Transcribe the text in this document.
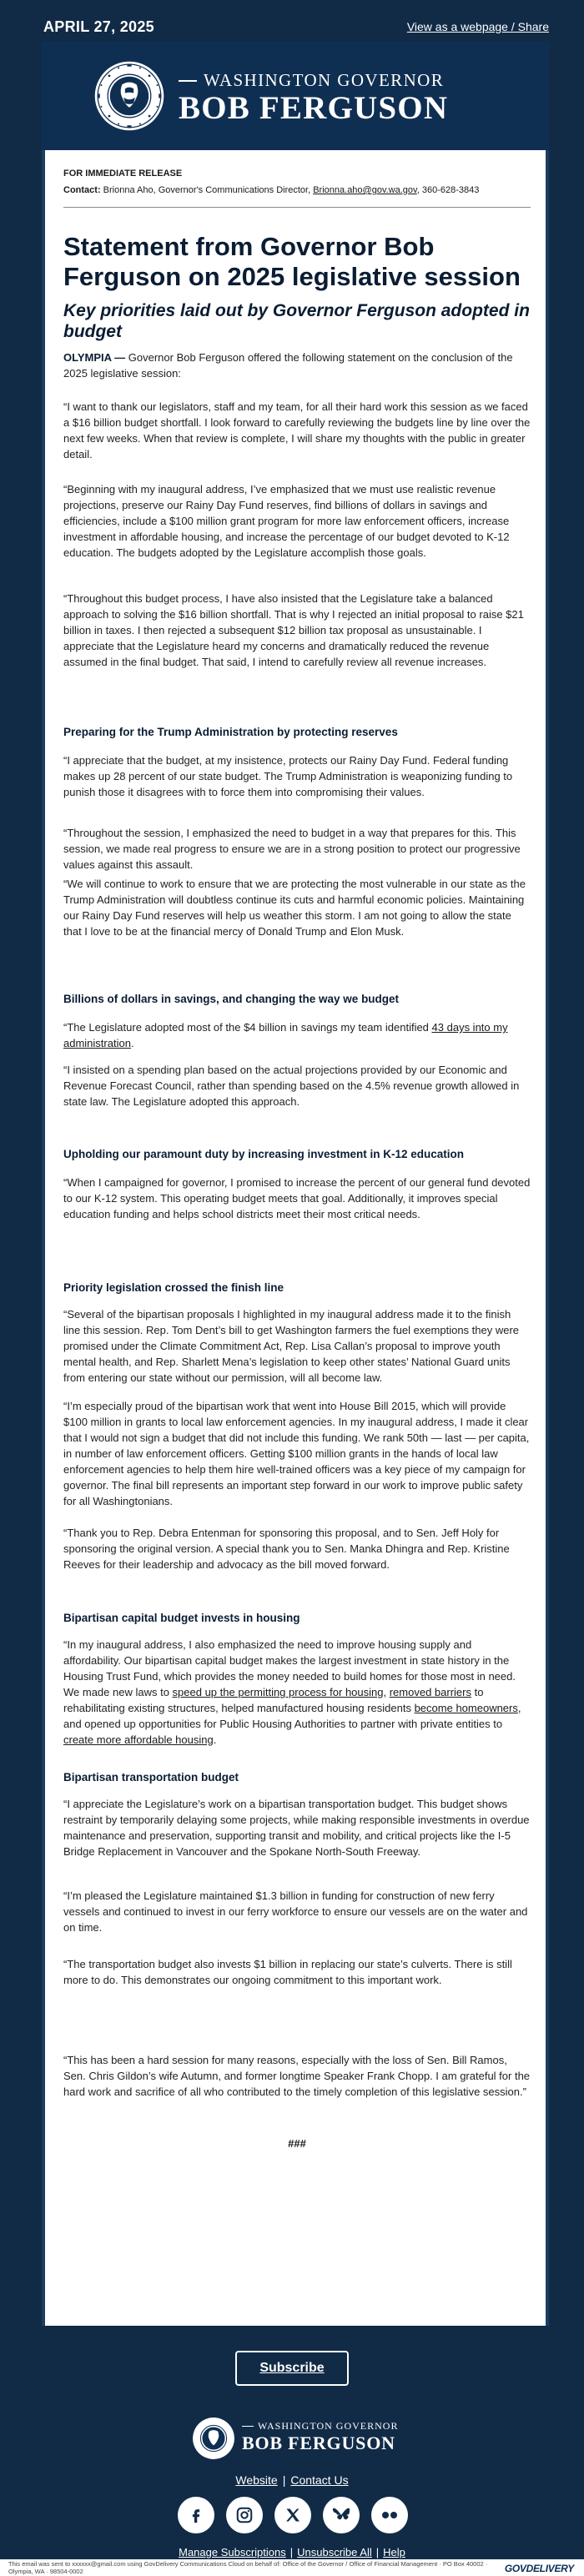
APRIL 27, 2025	View as a webpage / Share
WASHINGTON GOVERNOR
BOB FERGUSON
FOR IMMEDIATE RELEASE
Contact: Brionna Aho, Governor's Communications Director, Brionna.aho@gov.wa.gov, 360-628-3843
Statement from Governor Bob Ferguson on 2025 legislative session
Key priorities laid out by Governor Ferguson adopted in budget
OLYMPIA — Governor Bob Ferguson offered the following statement on the conclusion of the 2025 legislative session:
“I want to thank our legislators, staff and my team, for all their hard work this session as we faced a $16 billion budget shortfall. I look forward to carefully reviewing the budgets line by line over the next few weeks. When that review is complete, I will share my thoughts with the public in greater detail.
“Beginning with my inaugural address, I’ve emphasized that we must use realistic revenue projections, preserve our Rainy Day Fund reserves, find billions of dollars in savings and efficiencies, include a $100 million grant program for more law enforcement officers, increase investment in affordable housing, and increase the percentage of our budget devoted to K-12 education. The budgets adopted by the Legislature accomplish those goals.
“Throughout this budget process, I have also insisted that the Legislature take a balanced approach to solving the $16 billion shortfall. That is why I rejected an initial proposal to raise $21 billion in taxes. I then rejected a subsequent $12 billion tax proposal as unsustainable. I appreciate that the Legislature heard my concerns and dramatically reduced the revenue assumed in the final budget. That said, I intend to carefully review all revenue increases.
Preparing for the Trump Administration by protecting reserves
“I appreciate that the budget, at my insistence, protects our Rainy Day Fund. Federal funding makes up 28 percent of our state budget. The Trump Administration is weaponizing funding to punish those it disagrees with to force them into compromising their values.
“Throughout the session, I emphasized the need to budget in a way that prepares for this. This session, we made real progress to ensure we are in a strong position to protect our progressive values against this assault.
“We will continue to work to ensure that we are protecting the most vulnerable in our state as the Trump Administration will doubtless continue its cuts and harmful economic policies. Maintaining our Rainy Day Fund reserves will help us weather this storm. I am not going to allow the state that I love to be at the financial mercy of Donald Trump and Elon Musk.
Billions of dollars in savings, and changing the way we budget
“The Legislature adopted most of the $4 billion in savings my team identified 43 days into my administration.
“I insisted on a spending plan based on the actual projections provided by our Economic and Revenue Forecast Council, rather than spending based on the 4.5% revenue growth allowed in state law. The Legislature adopted this approach.
Upholding our paramount duty by increasing investment in K-12 education
“When I campaigned for governor, I promised to increase the percent of our general fund devoted to our K-12 system. This operating budget meets that goal. Additionally, it improves special education funding and helps school districts meet their most critical needs.
Priority legislation crossed the finish line
“Several of the bipartisan proposals I highlighted in my inaugural address made it to the finish line this session. Rep. Tom Dent’s bill to get Washington farmers the fuel exemptions they were promised under the Climate Commitment Act, Rep. Lisa Callan’s proposal to improve youth mental health, and Rep. Sharlett Mena’s legislation to keep other states’ National Guard units from entering our state without our permission, will all become law.
“I’m especially proud of the bipartisan work that went into House Bill 2015, which will provide $100 million in grants to local law enforcement agencies. In my inaugural address, I made it clear that I would not sign a budget that did not include this funding. We rank 50th — last — per capita, in number of law enforcement officers. Getting $100 million grants in the hands of local law enforcement agencies to help them hire well-trained officers was a key piece of my campaign for governor. The final bill represents an important step forward in our work to improve public safety for all Washingtonians.
“Thank you to Rep. Debra Entenman for sponsoring this proposal, and to Sen. Jeff Holy for sponsoring the original version. A special thank you to Sen. Manka Dhingra and Rep. Kristine Reeves for their leadership and advocacy as the bill moved forward.
Bipartisan capital budget invests in housing
“In my inaugural address, I also emphasized the need to improve housing supply and affordability. Our bipartisan capital budget makes the largest investment in state history in the Housing Trust Fund, which provides the money needed to build homes for those most in need. We made new laws to speed up the permitting process for housing, removed barriers to rehabilitating existing structures, helped manufactured housing residents become homeowners, and opened up opportunities for Public Housing Authorities to partner with private entities to create more affordable housing.
Bipartisan transportation budget
“I appreciate the Legislature’s work on a bipartisan transportation budget. This budget shows restraint by temporarily delaying some projects, while making responsible investments in overdue maintenance and preservation, supporting transit and mobility, and critical projects like the I-5 Bridge Replacement in Vancouver and the Spokane North-South Freeway.
“I’m pleased the Legislature maintained $1.3 billion in funding for construction of new ferry vessels and continued to invest in our ferry workforce to ensure our vessels are on the water and on time.
“The transportation budget also invests $1 billion in replacing our state’s culverts. There is still more to do. This demonstrates our ongoing commitment to this important work.
“This has been a hard session for many reasons, especially with the loss of Sen. Bill Ramos, Sen. Chris Gildon’s wife Autumn, and former longtime Speaker Frank Chopp. I am grateful for the hard work and sacrifice of all who contributed to the timely completion of this legislative session.”
###
Subscribe
WASHINGTON GOVERNOR
BOB FERGUSON
Website | Contact Us
Manage Subscriptions | Unsubscribe All | Help
This email was sent to xxxxxx@gmail.com using GovDelivery Communications Cloud on behalf of: Office of the Governor / Office of Financial Management · PO Box 40002 · Olympia, WA · 98504-0002	GOVDELIVERY
